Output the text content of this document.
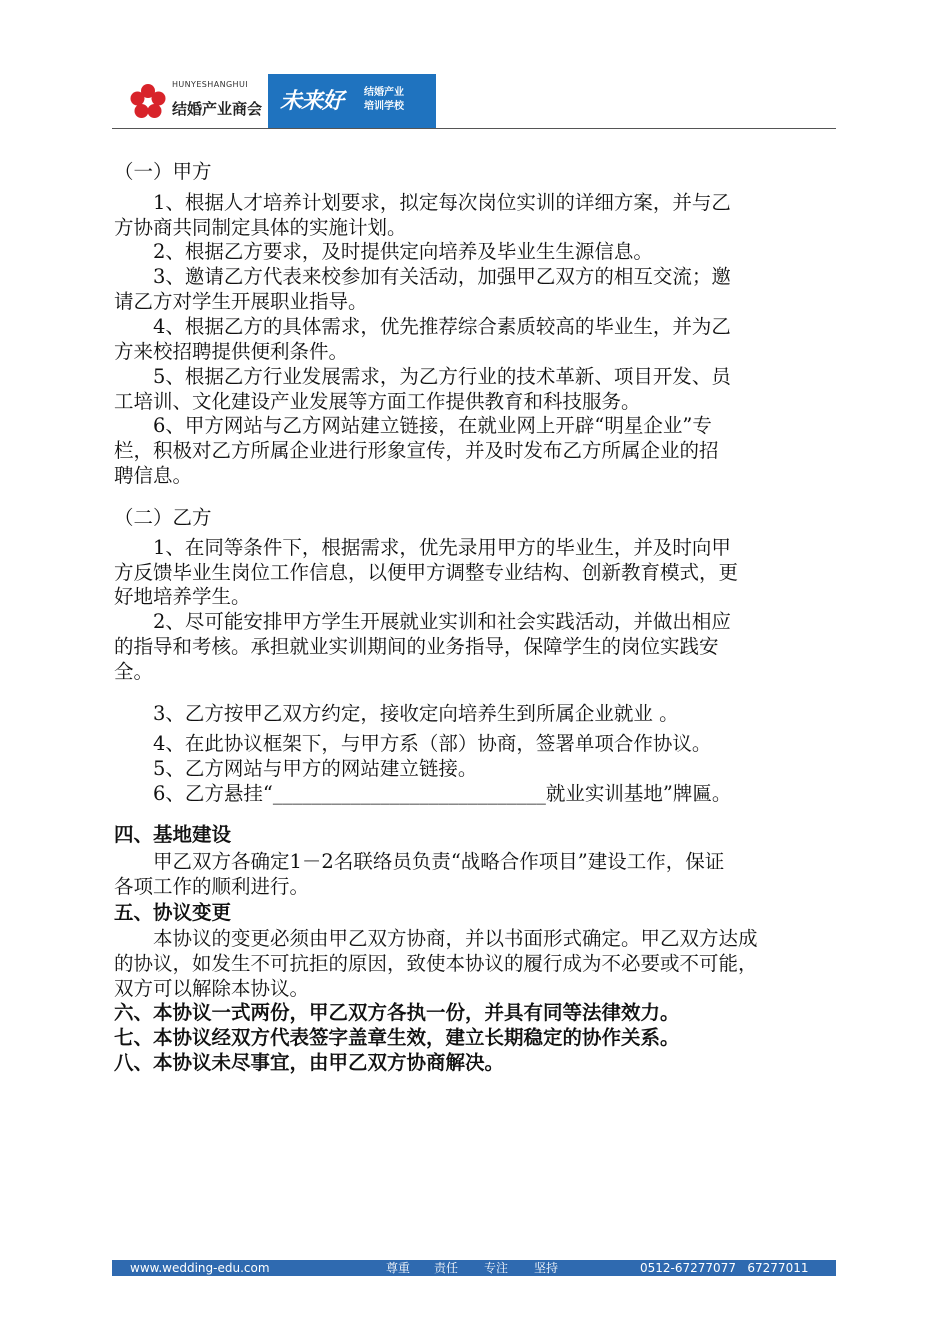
HUNYESHANGHUI
结婚产业商会 未来好 结婚产业
培训学校
（一）甲方
　　1、根据人才培养计划要求，拟定每次岗位实训的详细方案，并与乙
方协商共同制定具体的实施计划。
　　2、根据乙方要求，及时提供定向培养及毕业生生源信息。
　　3、邀请乙方代表来校参加有关活动，加强甲乙双方的相互交流；邀
请乙方对学生开展职业指导。
　　4、根据乙方的具体需求，优先推荐综合素质较高的毕业生，并为乙
方来校招聘提供便利条件。
　　5、根据乙方行业发展需求，为乙方行业的技术革新、项目开发、员
工培训、文化建设产业发展等方面工作提供教育和科技服务。
　　6、甲方网站与乙方网站建立链接，在就业网上开辟“明星企业”专
栏，积极对乙方所属企业进行形象宣传，并及时发布乙方所属企业的招
聘信息。
（二）乙方
　　1、在同等条件下，根据需求，优先录用甲方的毕业生，并及时向甲
方反馈毕业生岗位工作信息，以便甲方调整专业结构、创新教育模式，更
好地培养学生。
　　2、尽可能安排甲方学生开展就业实训和社会实践活动，并做出相应
的指导和考核。承担就业实训期间的业务指导，保障学生的岗位实践安
全。
　　3、乙方按甲乙双方约定，接收定向培养生到所属企业就业 。
　　4、在此协议框架下，与甲方系（部）协商，签署单项合作协议。
　　5、乙方网站与甲方的网站建立链接。
　　6、乙方悬挂“____________________________就业实训基地”牌匾。
四、基地建设
　　甲乙双方各确定1－2名联络员负责“战略合作项目”建设工作，保证
各项工作的顺利进行。
五、协议变更
　　本协议的变更必须由甲乙双方协商，并以书面形式确定。甲乙双方达成
的协议，如发生不可抗拒的原因，致使本协议的履行成为不必要或不可能，
双方可以解除本协议。
六、本协议一式两份，甲乙双方各执一份，并具有同等法律效力。
七、本协议经双方代表签字盖章生效，建立长期稳定的协作关系。
八、本协议未尽事宜，由甲乙双方协商解决。
www.wedding-edu.com	尊重 责任 专注 坚持	0512-67277077   67277011
